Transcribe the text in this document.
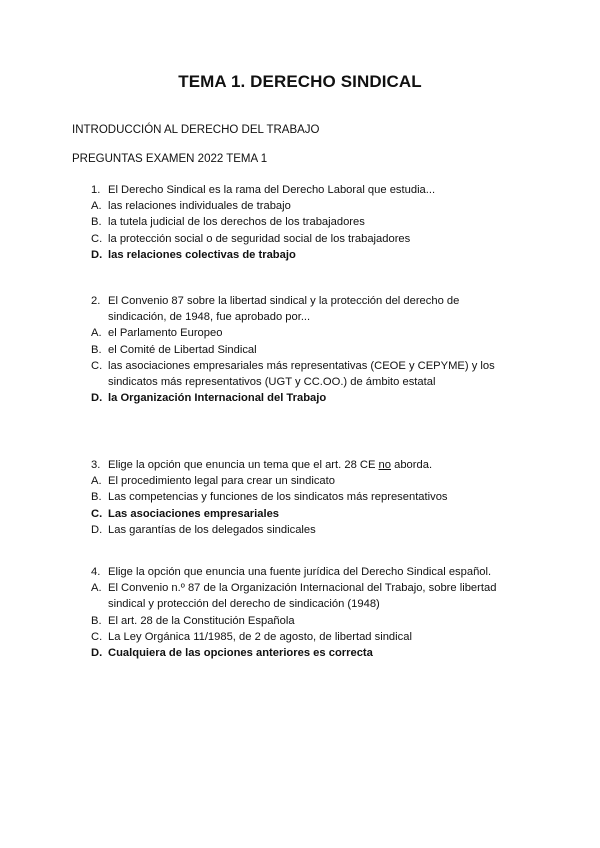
TEMA 1. DERECHO SINDICAL
INTRODUCCIÓN AL DERECHO DEL TRABAJO
PREGUNTAS EXAMEN 2022 TEMA 1
1. El Derecho Sindical es la rama del Derecho Laboral que estudia...
A. las relaciones individuales de trabajo
B. la tutela judicial de los derechos de los trabajadores
C. la protección social o de seguridad social de los trabajadores
D. las relaciones colectivas de trabajo
2. El Convenio 87 sobre la libertad sindical y la protección del derecho de sindicación, de 1948, fue aprobado por...
A. el Parlamento Europeo
B. el Comité de Libertad Sindical
C. las asociaciones empresariales más representativas (CEOE y CEPYME) y los sindicatos más representativos (UGT y CC.OO.) de ámbito estatal
D. la Organización Internacional del Trabajo
3. Elige la opción que enuncia un tema que el art. 28 CE no aborda.
A. El procedimiento legal para crear un sindicato
B. Las competencias y funciones de los sindicatos más representativos
C. Las asociaciones empresariales
D. Las garantías de los delegados sindicales
4. Elige la opción que enuncia una fuente jurídica del Derecho Sindical español.
A. El Convenio n.º 87 de la Organización Internacional del Trabajo, sobre libertad sindical y protección del derecho de sindicación (1948)
B. El art. 28 de la Constitución Española
C. La Ley Orgánica 11/1985, de 2 de agosto, de libertad sindical
D. Cualquiera de las opciones anteriores es correcta
